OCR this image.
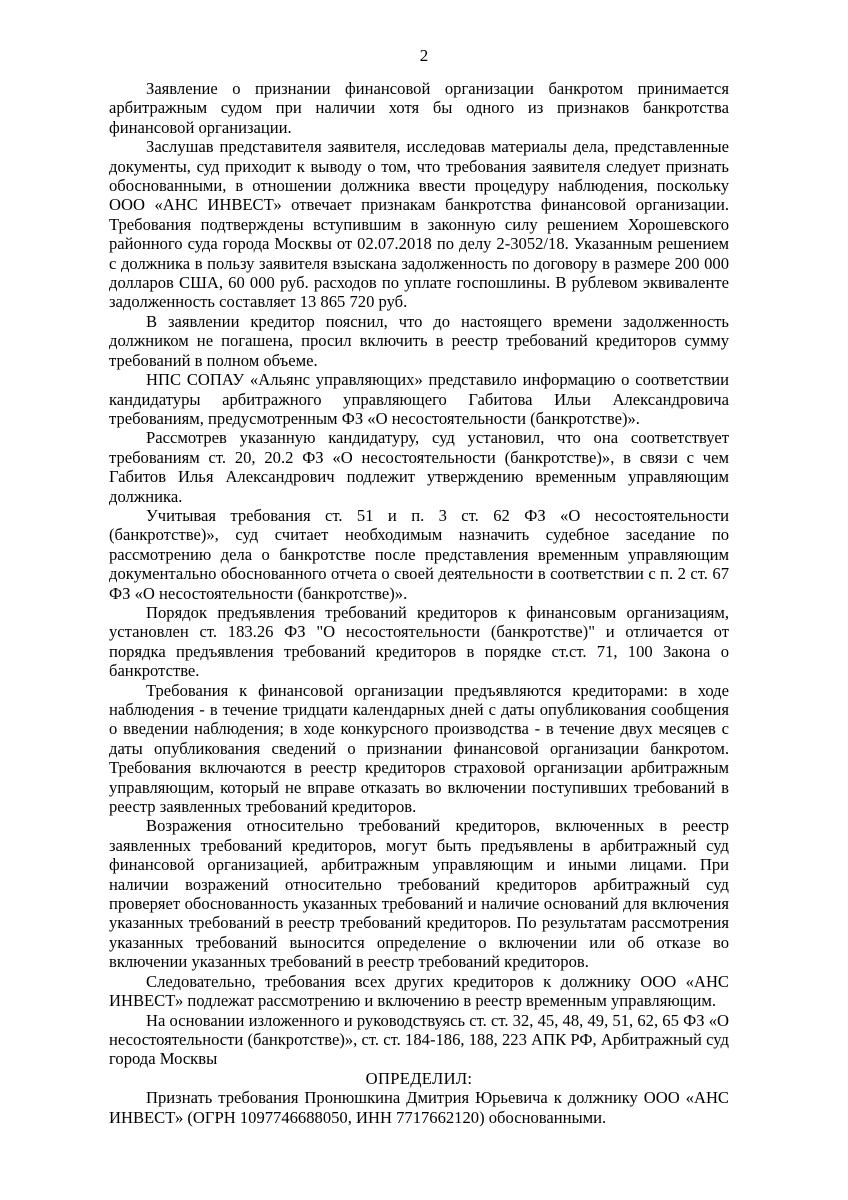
2

Заявление о признании финансовой организации банкротом принимается арбитражным судом при наличии хотя бы одного из признаков банкротства финансовой организации.

Заслушав представителя заявителя, исследовав материалы дела, представленные документы, суд приходит к выводу о том, что требования заявителя следует признать обоснованными, в отношении должника ввести процедуру наблюдения, поскольку ООО «АНС ИНВЕСТ» отвечает признакам банкротства финансовой организации. Требования подтверждены вступившим в законную силу решением Хорошевского районного суда города Москвы от 02.07.2018 по делу 2-3052/18. Указанным решением с должника в пользу заявителя взыскана задолженность по договору в размере 200 000 долларов США, 60 000 руб. расходов по уплате госпошлины. В рублевом эквиваленте задолженность составляет 13 865 720 руб.

В заявлении кредитор пояснил, что до настоящего времени задолженность должником не погашена, просил включить в реестр требований кредиторов сумму требований в полном объеме.

НПС СОПАУ «Альянс управляющих» представило информацию о соответствии кандидатуры арбитражного управляющего Габитова Ильи Александровича требованиям, предусмотренным ФЗ «О несостоятельности (банкротстве)».

Рассмотрев указанную кандидатуру, суд установил, что она соответствует требованиям ст. 20, 20.2 ФЗ «О несостоятельности (банкротстве)», в связи с чем Габитов Илья Александрович подлежит утверждению временным управляющим должника.

Учитывая требования ст. 51 и п. 3 ст. 62 ФЗ «О несостоятельности (банкротстве)», суд считает необходимым назначить судебное заседание по рассмотрению дела о банкротстве после представления временным управляющим документально обоснованного отчета о своей деятельности в соответствии с п. 2 ст. 67 ФЗ «О несостоятельности (банкротстве)».

Порядок предъявления требований кредиторов к финансовым организациям, установлен ст. 183.26 ФЗ "О несостоятельности (банкротстве)" и отличается от порядка предъявления требований кредиторов в порядке ст.ст. 71, 100 Закона о банкротстве.

Требования к финансовой организации предъявляются кредиторами: в ходе наблюдения - в течение тридцати календарных дней с даты опубликования сообщения о введении наблюдения; в ходе конкурсного производства - в течение двух месяцев с даты опубликования сведений о признании финансовой организации банкротом. Требования включаются в реестр кредиторов страховой организации арбитражным управляющим, который не вправе отказать во включении поступивших требований в реестр заявленных требований кредиторов.

Возражения относительно требований кредиторов, включенных в реестр заявленных требований кредиторов, могут быть предъявлены в арбитражный суд финансовой организацией, арбитражным управляющим и иными лицами. При наличии возражений относительно требований кредиторов арбитражный суд проверяет обоснованность указанных требований и наличие оснований для включения указанных требований в реестр требований кредиторов. По результатам рассмотрения указанных требований выносится определение о включении или об отказе во включении указанных требований в реестр требований кредиторов.

Следовательно, требования всех других кредиторов к должнику ООО «АНС ИНВЕСТ» подлежат рассмотрению и включению в реестр временным управляющим.

На основании изложенного и руководствуясь ст. ст. 32, 45, 48, 49, 51, 62, 65 ФЗ «О несостоятельности (банкротстве)», ст. ст. 184-186, 188, 223 АПК РФ, Арбитражный суд города Москвы

ОПРЕДЕЛИЛ:

Признать требования Пронюшкина Дмитрия Юрьевича к должнику ООО «АНС ИНВЕСТ» (ОГРН 1097746688050, ИНН 7717662120) обоснованными.
